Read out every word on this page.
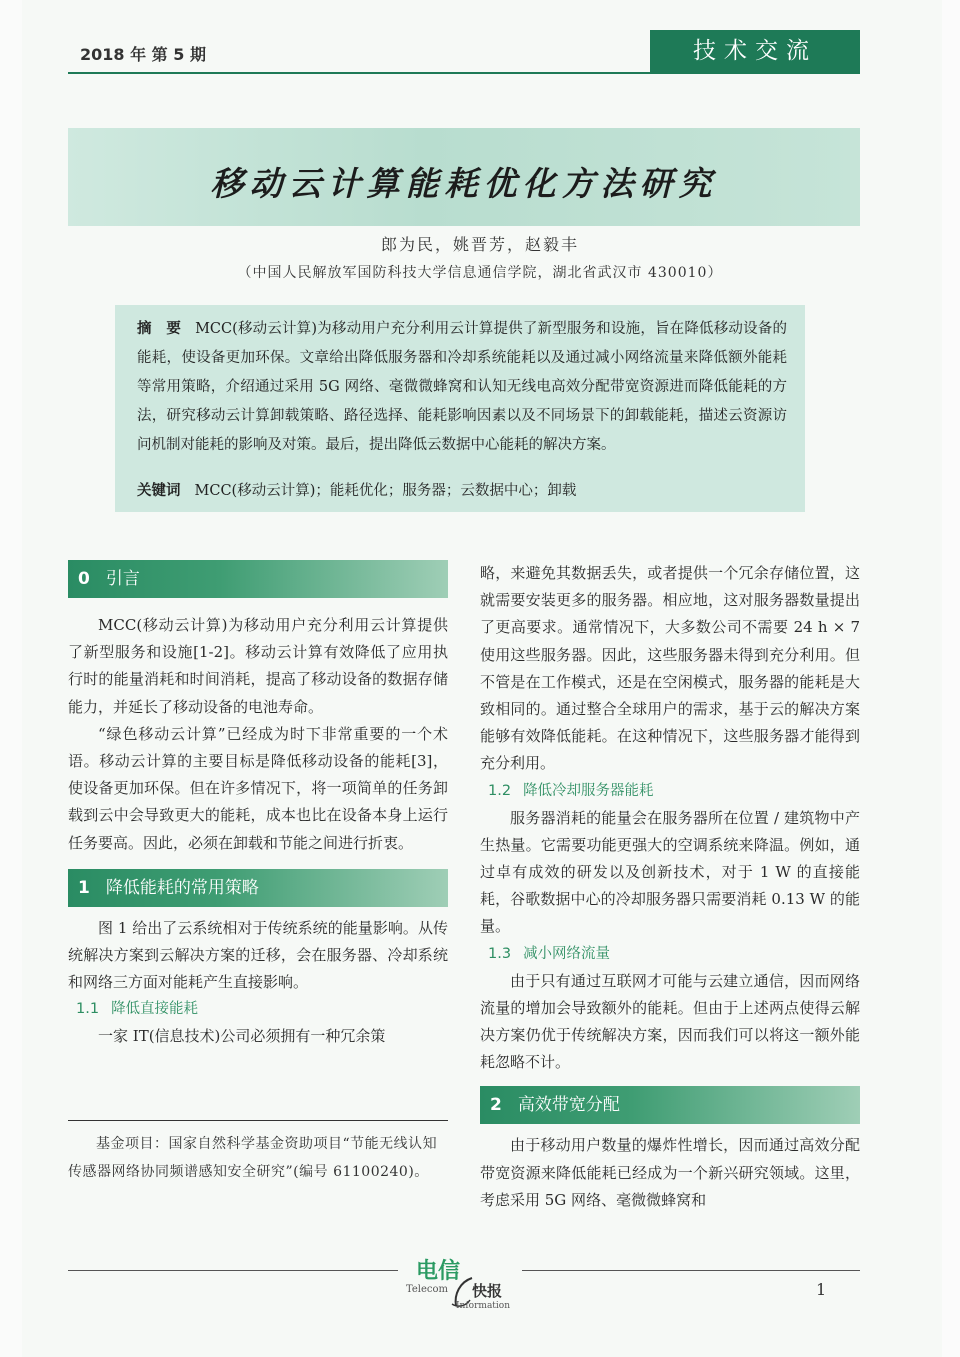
2018 年 第 5 期	技术交流
移动云计算能耗优化方法研究
郎为民，姚晋芳，赵毅丰
（中国人民解放军国防科技大学信息通信学院，湖北省武汉市 430010）
摘　要 MCC(移动云计算)为移动用户充分利用云计算提供了新型服务和设施，旨在降低移动设备的能耗，使设备更加环保。文章给出降低服务器和冷却系统能耗以及通过减小网络流量来降低额外能耗等常用策略，介绍通过采用 5G 网络、毫微微蜂窝和认知无线电高效分配带宽资源进而降低能耗的方法，研究移动云计算卸载策略、路径选择、能耗影响因素以及不同场景下的卸载能耗，描述云资源访问机制对能耗的影响及对策。最后，提出降低云数据中心能耗的解决方案。
关键词 MCC(移动云计算)；能耗优化；服务器；云数据中心；卸载
0 引言

MCC(移动云计算)为移动用户充分利用云计算提供了新型服务和设施[1-2]。移动云计算有效降低了应用执行时的能量消耗和时间消耗，提高了移动设备的数据存储能力，并延长了移动设备的电池寿命。

“绿色移动云计算”已经成为时下非常重要的一个术语。移动云计算的主要目标是降低移动设备的能耗[3]，使设备更加环保。但在许多情况下，将一项简单的任务卸载到云中会导致更大的能耗，成本也比在设备本身上运行任务要高。因此，必须在卸载和节能之间进行折衷。

1 降低能耗的常用策略

图 1 给出了云系统相对于传统系统的能量影响。从传统解决方案到云解决方案的迁移，会在服务器、冷却系统和网络三方面对能耗产生直接影响。

1.1 降低直接能耗

一家 IT(信息技术)公司必须拥有一种冗余策

略，来避免其数据丢失，或者提供一个冗余存储位置，这就需要安装更多的服务器。相应地，这对服务器数量提出了更高要求。通常情况下，大多数公司不需要 24 h × 7 使用这些服务器。因此，这些服务器未得到充分利用。但不管是在工作模式，还是在空闲模式，服务器的能耗是大致相同的。通过整合全球用户的需求，基于云的解决方案能够有效降低能耗。在这种情况下，这些服务器才能得到充分利用。

1.2 降低冷却服务器能耗

服务器消耗的能量会在服务器所在位置 / 建筑物中产生热量。它需要功能更强大的空调系统来降温。例如，通过卓有成效的研发以及创新技术，对于 1 W 的直接能耗，谷歌数据中心的冷却服务器只需要消耗 0.13 W 的能量。

1.3 减小网络流量

由于只有通过互联网才可能与云建立通信，因而网络流量的增加会导致额外的能耗。但由于上述两点使得云解决方案仍优于传统解决方案，因而我们可以将这一额外能耗忽略不计。

2 高效带宽分配

由于移动用户数量的爆炸性增长，因而通过高效分配带宽资源来降低能耗已经成为一个新兴研究领域。这里，考虑采用 5G 网络、毫微微蜂窝和

基金项目：国家自然科学基金资助项目“节能无线认知传感器网络协同频谱感知安全研究”(编号 61100240)。
电信
Telecom 快报
Information
1
